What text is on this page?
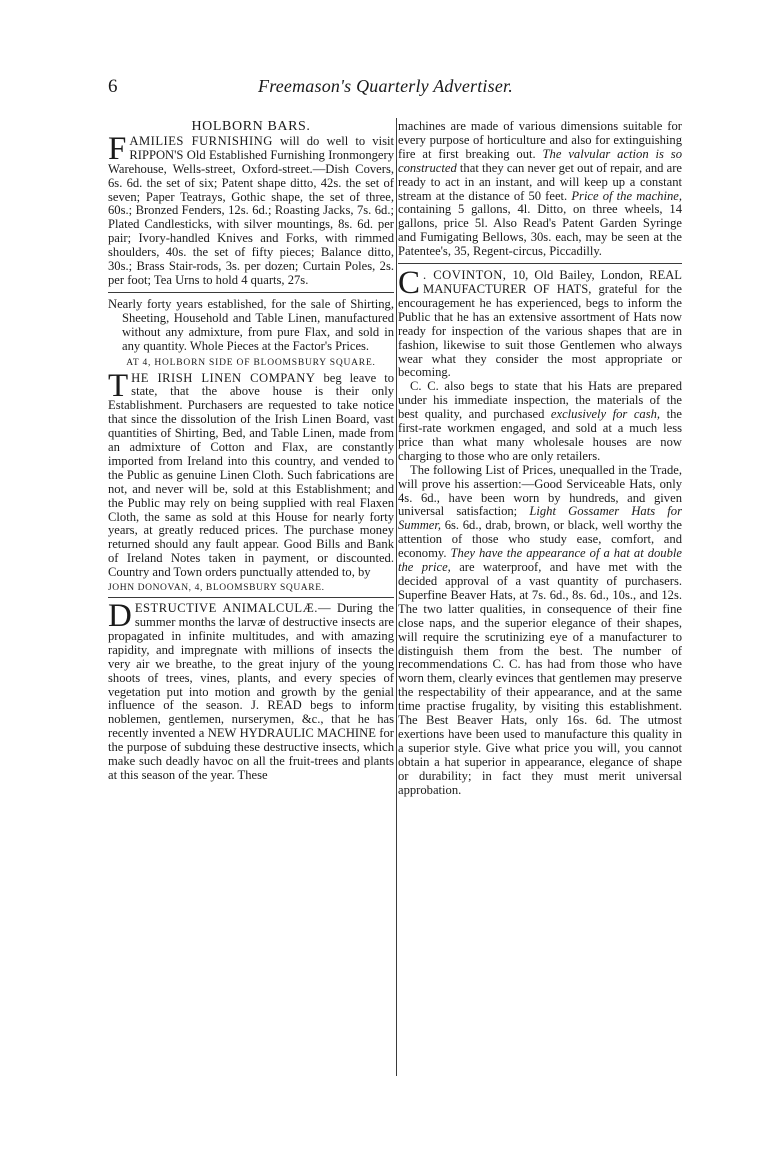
6	Freemason's Quarterly Advertiser.
HOLBORN BARS.

FAMILIES FURNISHING will do well to visit RIPPON'S Old Established Furnishing Ironmongery Warehouse, Wells-street, Oxford-street.—Dish Covers, 6s. 6d. the set of six; Patent shape ditto, 42s. the set of seven; Paper Teatrays, Gothic shape, the set of three, 60s.; Bronzed Fenders, 12s. 6d.; Roasting Jacks, 7s. 6d.; Plated Candlesticks, with silver mountings, 8s. 6d. per pair; Ivory-handled Knives and Forks, with rimmed shoulders, 40s. the set of fifty pieces; Balance ditto, 30s.; Brass Stair-rods, 3s. per dozen; Curtain Poles, 2s. per foot; Tea Urns to hold 4 quarts, 27s.

Nearly forty years established, for the sale of Shirting, Sheeting, Household and Table Linen, manufactured without any admixture, from pure Flax, and sold in any quantity. Whole Pieces at the Factor's Prices.

AT 4, HOLBORN SIDE OF BLOOMSBURY SQUARE.

THE IRISH LINEN COMPANY beg leave to state, that the above house is their only Establishment. Purchasers are requested to take notice that since the dissolution of the Irish Linen Board, vast quantities of Shirting, Bed, and Table Linen, made from an admixture of Cotton and Flax, are constantly imported from Ireland into this country, and vended to the Public as genuine Linen Cloth. Such fabrications are not, and never will be, sold at this Establishment; and the Public may rely on being supplied with real Flaxen Cloth, the same as sold at this House for nearly forty years, at greatly reduced prices. The purchase money returned should any fault appear. Good Bills and Bank of Ireland Notes taken in payment, or discounted. Country and Town orders punctually attended to, by

JOHN DONOVAN, 4, BLOOMSBURY SQUARE.

DESTRUCTIVE ANIMALCULÆ.— During the summer months the larvæ of destructive insects are propagated in infinite multitudes, and with amazing rapidity, and impregnate with millions of insects the very air we breathe, to the great injury of the young shoots of trees, vines, plants, and every species of vegetation put into motion and growth by the genial influence of the season. J. READ begs to inform noblemen, gentlemen, nurserymen, &c., that he has recently invented a NEW HYDRAULIC MACHINE for the purpose of subduing these destructive insects, which make such deadly havoc on all the fruit-trees and plants at this season of the year. These

machines are made of various dimensions suitable for every purpose of horticulture and also for extinguishing fire at first breaking out. The valvular action is so constructed that they can never get out of repair, and are ready to act in an instant, and will keep up a constant stream at the distance of 50 feet. Price of the machine, containing 5 gallons, 4l. Ditto, on three wheels, 14 gallons, price 5l. Also Read's Patent Garden Syringe and Fumigating Bellows, 30s. each, may be seen at the Patentee's, 35, Regent-circus, Piccadilly.

C . COVINTON, 10, Old Bailey, London, REAL MANUFACTURER OF HATS, grateful for the encouragement he has experienced, begs to inform the Public that he has an extensive assortment of Hats now ready for inspection of the various shapes that are in fashion, likewise to suit those Gentlemen who always wear what they consider the most appropriate or becoming.

C. C. also begs to state that his Hats are prepared under his immediate inspection, the materials of the best quality, and purchased exclusively for cash, the first-rate workmen engaged, and sold at a much less price than what many wholesale houses are now charging to those who are only retailers.

The following List of Prices, unequalled in the Trade, will prove his assertion:—Good Serviceable Hats, only 4s. 6d., have been worn by hundreds, and given universal satisfaction; Light Gossamer Hats for Summer, 6s. 6d., drab, brown, or black, well worthy the attention of those who study ease, comfort, and economy. They have the appearance of a hat at double the price, are waterproof, and have met with the decided approval of a vast quantity of purchasers. Superfine Beaver Hats, at 7s. 6d., 8s. 6d., 10s., and 12s. The two latter qualities, in consequence of their fine close naps, and the superior elegance of their shapes, will require the scrutinizing eye of a manufacturer to distinguish them from the best. The number of recommendations C. C. has had from those who have worn them, clearly evinces that gentlemen may preserve the respectability of their appearance, and at the same time practise frugality, by visiting this establishment. The Best Beaver Hats, only 16s. 6d. The utmost exertions have been used to manufacture this quality in a superior style. Give what price you will, you cannot obtain a hat superior in appearance, elegance of shape or durability; in fact they must merit universal approbation.
